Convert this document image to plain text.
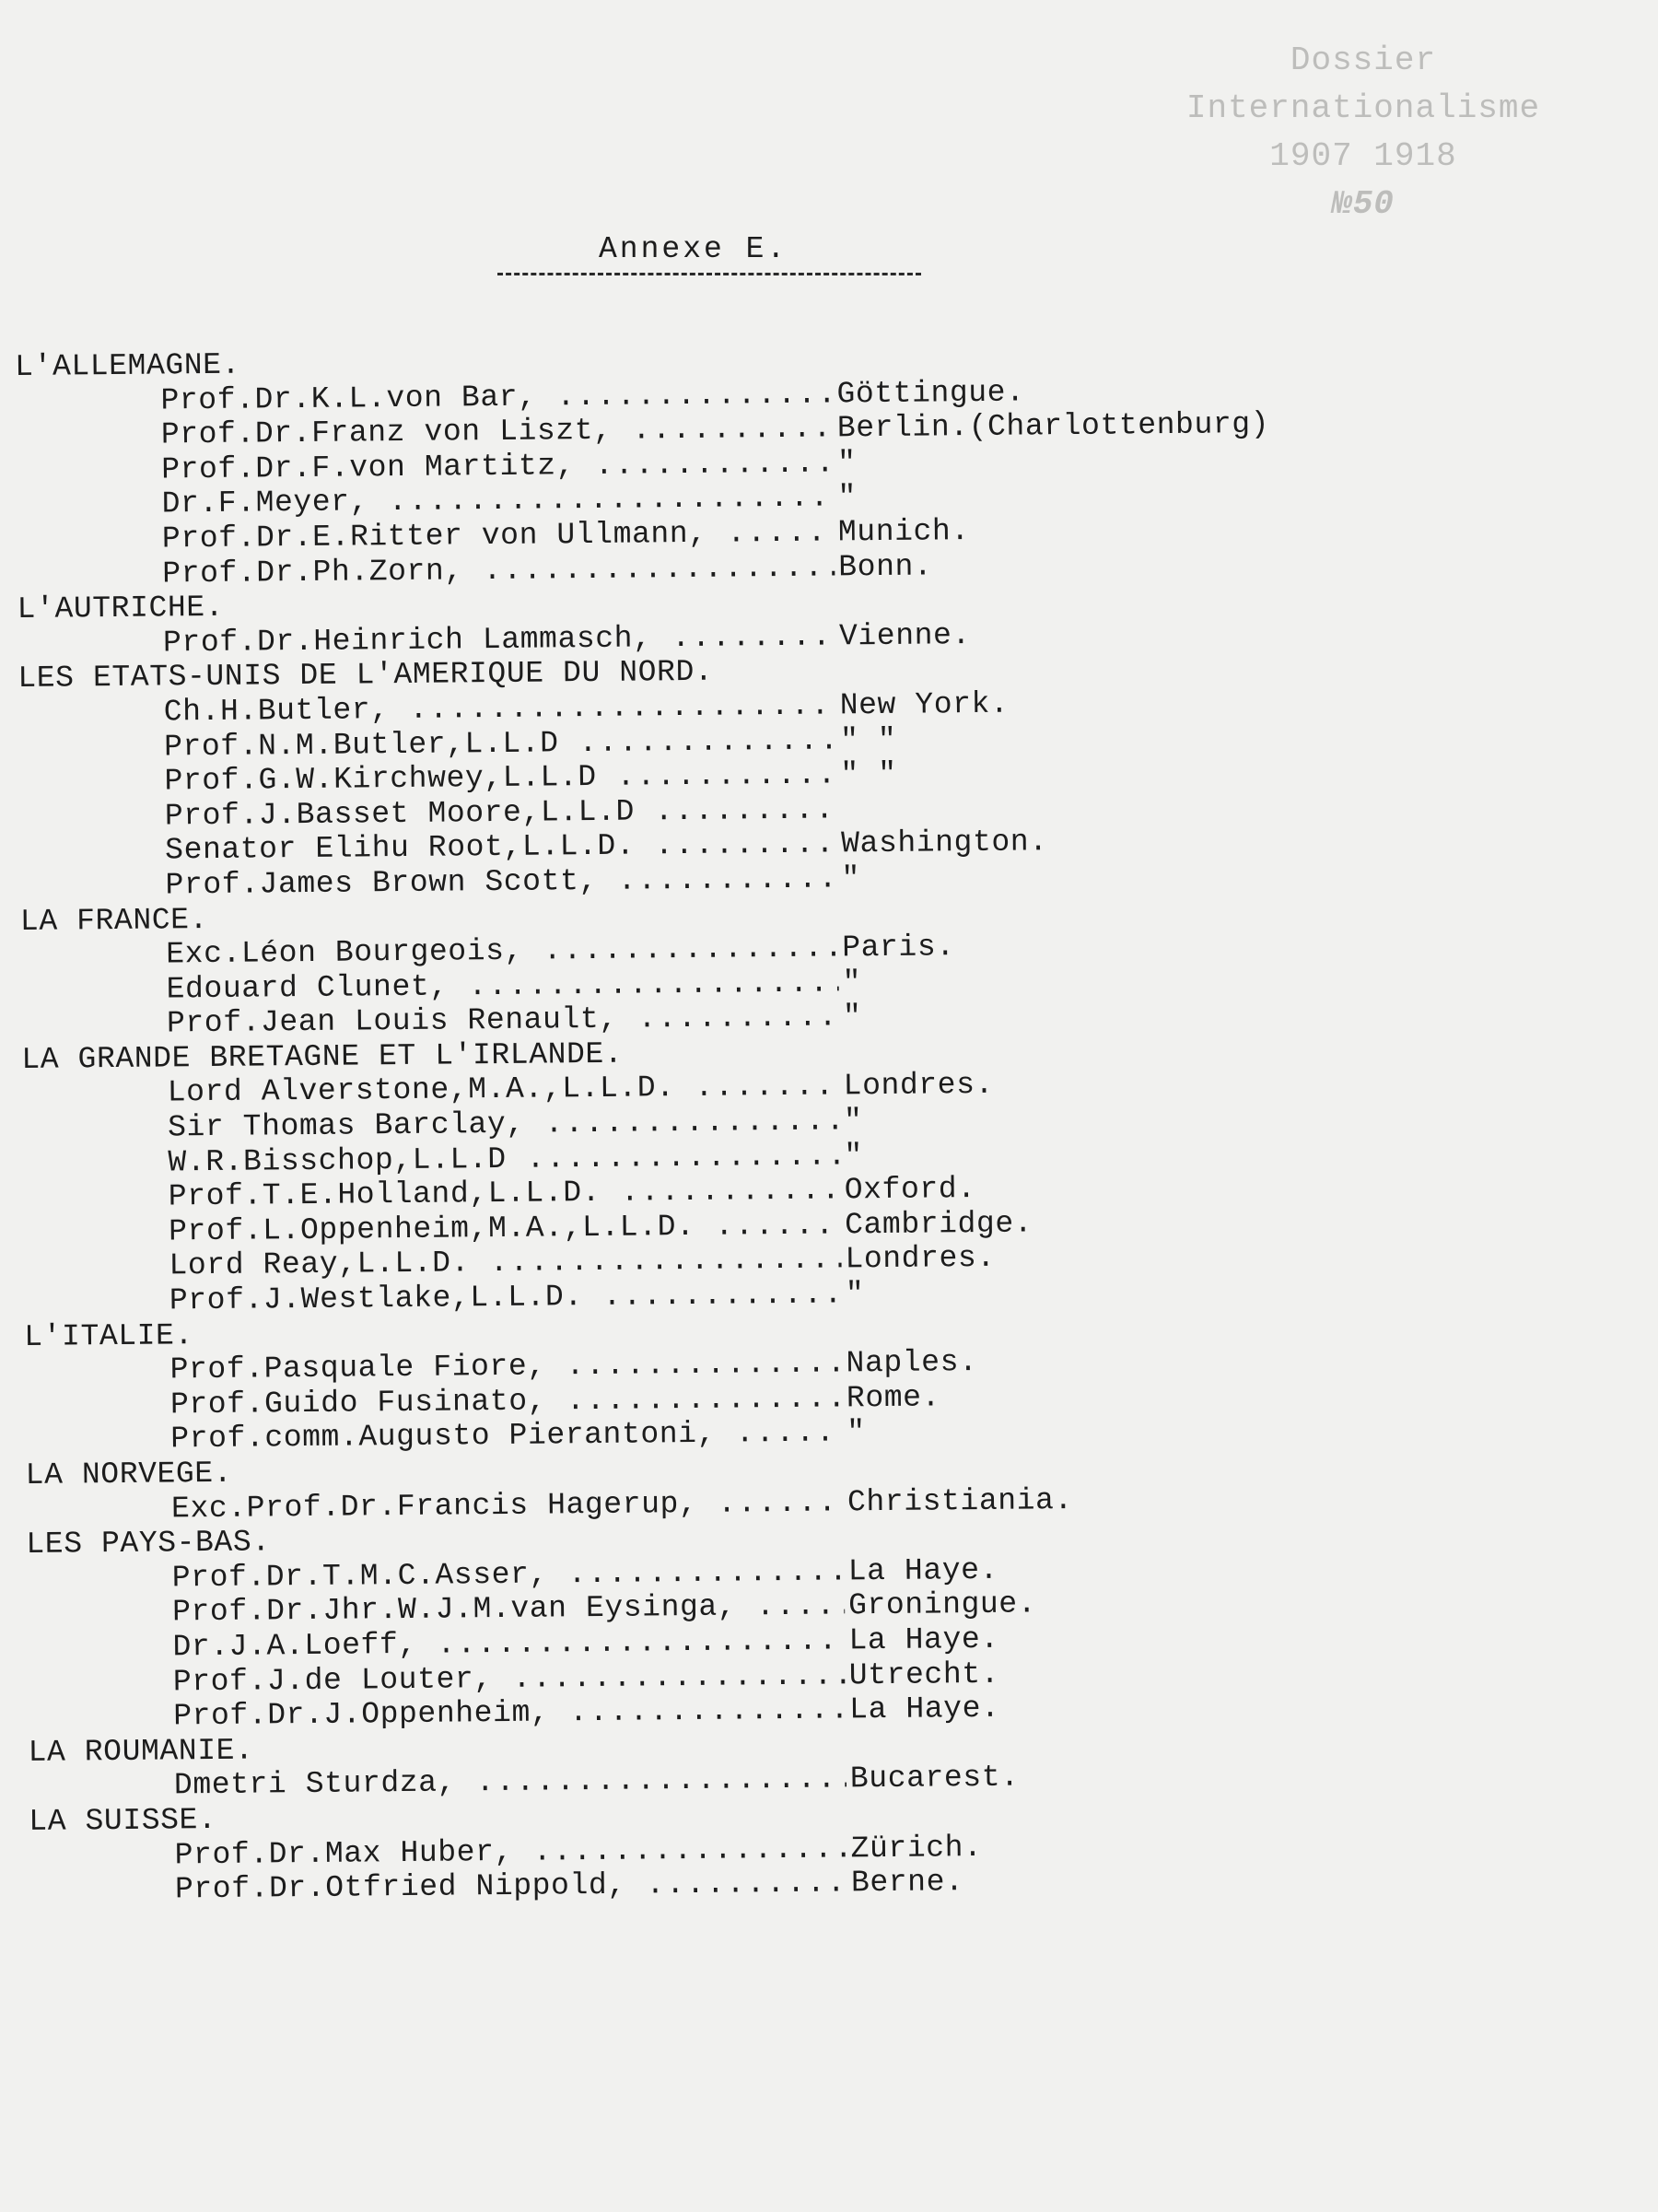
Dossier
Internationalisme
1907 1918
№50
Annexe E.
L'ALLEMAGNE.
Prof.Dr.K.L.von Bar, .....	Göttingue.
Prof.Dr.Franz von Liszt, .....	Berlin.(Charlottenburg)
Prof.Dr.F.von Martitz, .....	"
Dr.F.Meyer, .....	"
Prof.Dr.E.Ritter von Ullmann, .....	Munich.
Prof.Dr.Ph.Zorn, .....	Bonn.
L'AUTRICHE.
Prof.Dr.Heinrich Lammasch, .....	Vienne.
LES ETATS-UNIS DE L'AMERIQUE DU NORD.
Ch.H.Butler, .....	New York.
Prof.N.M.Butler,L.L.D .....	" "
Prof.G.W.Kirchwey,L.L.D .....	" "
Prof.J.Basset Moore,L.L.D .....
Senator Elihu Root,L.L.D. .....	Washington.
Prof.James Brown Scott, .....	"
LA FRANCE.
Exc.Léon Bourgeois, .....	Paris.
Edouard Clunet, .....	"
Prof.Jean Louis Renault, .....	"
LA GRANDE BRETAGNE ET L'IRLANDE.
Lord Alverstone,M.A.,L.L.D. .....	Londres.
Sir Thomas Barclay, .....	"
W.R.Bisschop,L.L.D .....	"
Prof.T.E.Holland,L.L.D. .....	Oxford.
Prof.L.Oppenheim,M.A.,L.L.D. .....	Cambridge.
Lord Reay,L.L.D. .....	Londres.
Prof.J.Westlake,L.L.D. .....	"
L'ITALIE.
Prof.Pasquale Fiore, .....	Naples.
Prof.Guido Fusinato, .....	Rome.
Prof.comm.Augusto Pierantoni, .....	"
LA NORVEGE.
Exc.Prof.Dr.Francis Hagerup, .....	Christiania.
LES PAYS-BAS.
Prof.Dr.T.M.C.Asser, .....	La Haye.
Prof.Dr.Jhr.W.J.M.van Eysinga, .....	Groningue.
Dr.J.A.Loeff, .....	La Haye.
Prof.J.de Louter, .....	Utrecht.
Prof.Dr.J.Oppenheim, .....	La Haye.
LA ROUMANIE.
Dmetri Sturdza, .....	Bucarest.
LA SUISSE.
Prof.Dr.Max Huber, .....	Zürich.
Prof.Dr.Otfried Nippold, .....	Berne.
